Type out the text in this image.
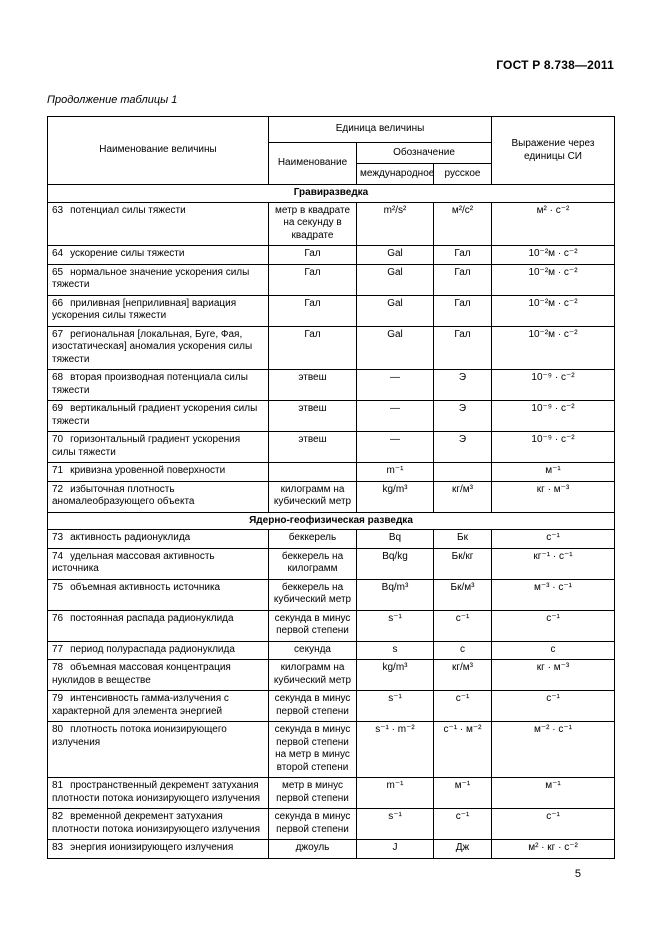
ГОСТ Р 8.738—2011
Продолжение таблицы 1
Наименование величины	Единица величины			Выражение через единицы СИ
	Наименование	Обозначение		
		международное	русское	
Гравиразведка				
63 потенциал силы тяжести	метр в квадрате на секунду в квадрате	m²/s²	м²/с²	м² · с⁻²
64 ускорение силы тяжести	Гал	Gal	Гал	10⁻²м · с⁻²
65 нормальное значение ускорения силы тяжести	Гал	Gal	Гал	10⁻²м · с⁻²
66 приливная [неприливная] вариация ускорения силы тяжести	Гал	Gal	Гал	10⁻²м · с⁻²
67 региональная [локальная, Буге, Фая, изостатическая] аномалия ускорения силы тяжести	Гал	Gal	Гал	10⁻²м · с⁻²
68 вторая производная потенциала силы тяжести	этвеш	—	Э	10⁻⁹ · с⁻²
69 вертикальный градиент ускорения силы тяжести	этвеш	—	Э	10⁻⁹ · с⁻²
70 горизонтальный градиент ускорения силы тяжести	этвеш	—	Э	10⁻⁹ · с⁻²
71 кривизна уровенной поверхности		m⁻¹		м⁻¹
72 избыточная плотность аномалеобразующего объекта	килограмм на кубический метр	kg/m³	кг/м³	кг · м⁻³
Ядерно-геофизическая разведка				
73 активность радионуклида	беккерель	Bq	Бк	с⁻¹
74 удельная массовая активность источника	беккерель на килограмм	Bq/kg	Бк/кг	кг⁻¹ · с⁻¹
75 объемная активность источника	беккерель на кубический метр	Bq/m³	Бк/м³	м⁻³ · с⁻¹
76 постоянная распада радионуклида	секунда в минус первой степени	s⁻¹	с⁻¹	с⁻¹
77 период полураспада радионуклида	секунда	s	с	с
78 объемная массовая концентрация нуклидов в веществе	килограмм на кубический метр	kg/m³	кг/м³	кг · м⁻³
79 интенсивность гамма-излучения с характерной для элемента энергией	секунда в минус первой степени	s⁻¹	с⁻¹	с⁻¹
80 плотность потока ионизирующего излучения	секунда в минус первой степени на метр в минус второй степени	s⁻¹ · m⁻²	с⁻¹ · м⁻²	м⁻² · с⁻¹
81 пространственный декремент затухания плотности потока ионизирующего излучения	метр в минус первой степени	m⁻¹	м⁻¹	м⁻¹
82 временной декремент затухания плотности потока ионизирующего излучения	секунда в минус первой степени	s⁻¹	с⁻¹	с⁻¹
83 энергия ионизирующего излучения	джоуль	J	Дж	м² · кг · с⁻²
5
